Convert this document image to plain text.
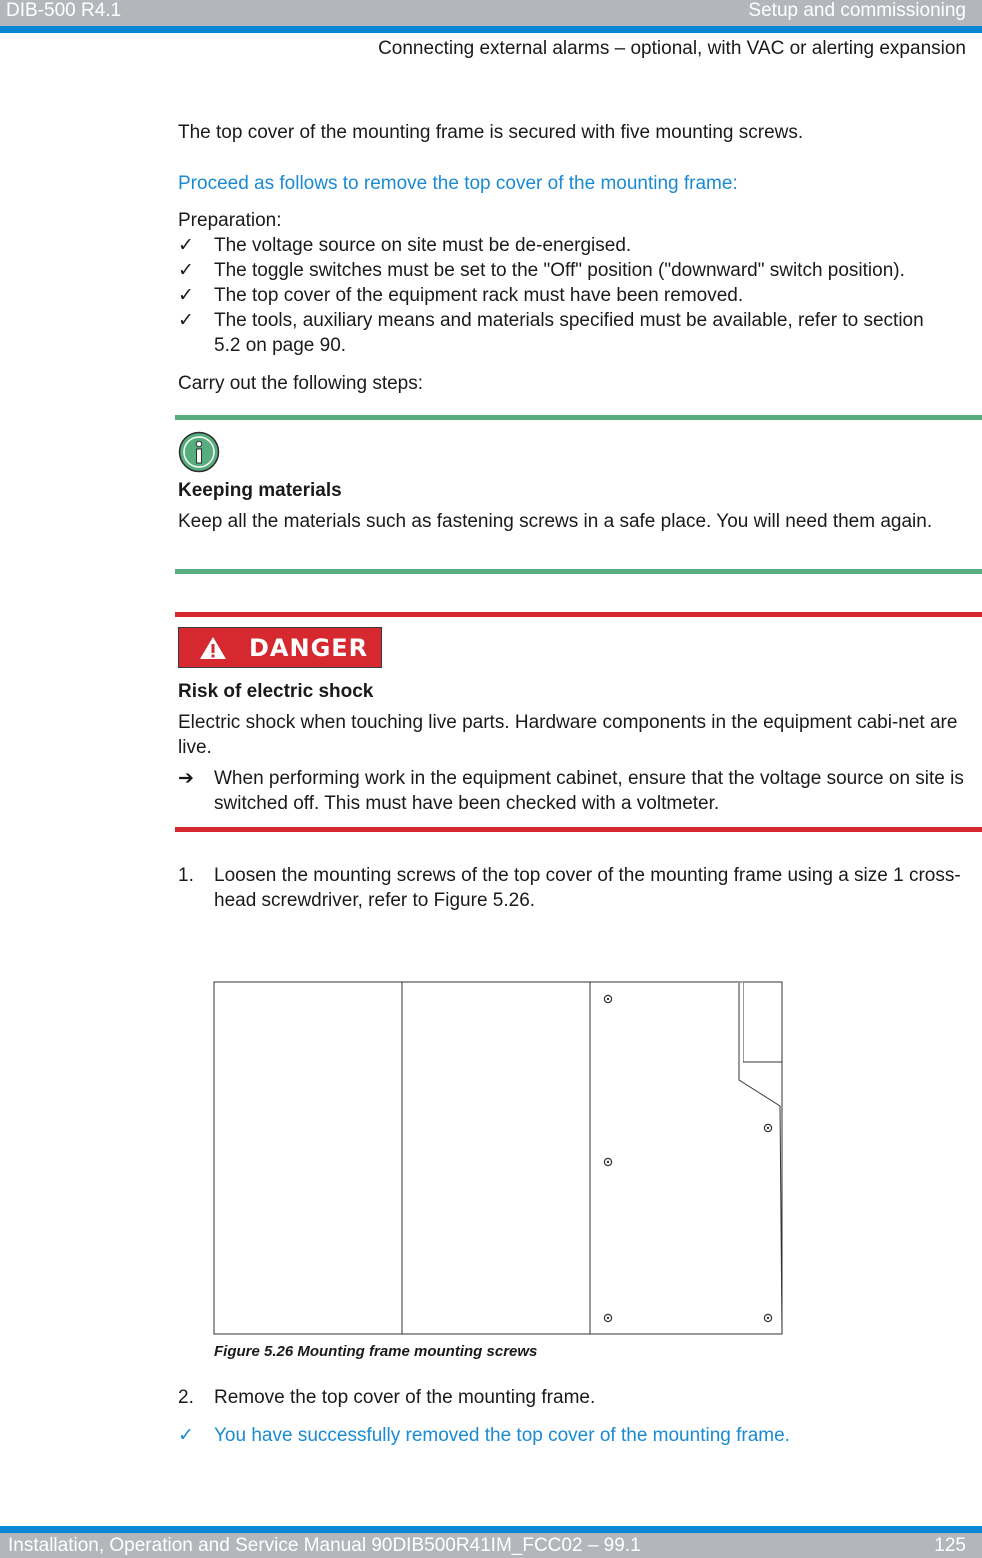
DIB-500 R4.1	Setup and commissioning
Connecting external alarms – optional, with VAC or alerting expansion
The top cover of the mounting frame is secured with five mounting screws.
Proceed as follows to remove the top cover of the mounting frame:
Preparation:
✓	The voltage source on site must be de-energised.
✓	The toggle switches must be set to the "Off" position ("downward" switch position).
✓	The top cover of the equipment rack must have been removed.
✓	The tools, auxiliary means and materials specified must be available, refer to section 5.2 on page 90.
Carry out the following steps:
Keeping materials
Keep all the materials such as fastening screws in a safe place. You will need them again.
DANGER
Risk of electric shock
Electric shock when touching live parts. Hardware components in the equipment cabi-net are live.
➔	When performing work in the equipment cabinet, ensure that the voltage source on site is switched off. This must have been checked with a voltmeter.
1.	Loosen the mounting screws of the top cover of the mounting frame using a size 1 cross-head screwdriver, refer to Figure 5.26.
Figure 5.26 Mounting frame mounting screws
2.	Remove the top cover of the mounting frame.
✓	You have successfully removed the top cover of the mounting frame.
Installation, Operation and Service Manual 90DIB500R41IM_FCC02 – 99.1	125
